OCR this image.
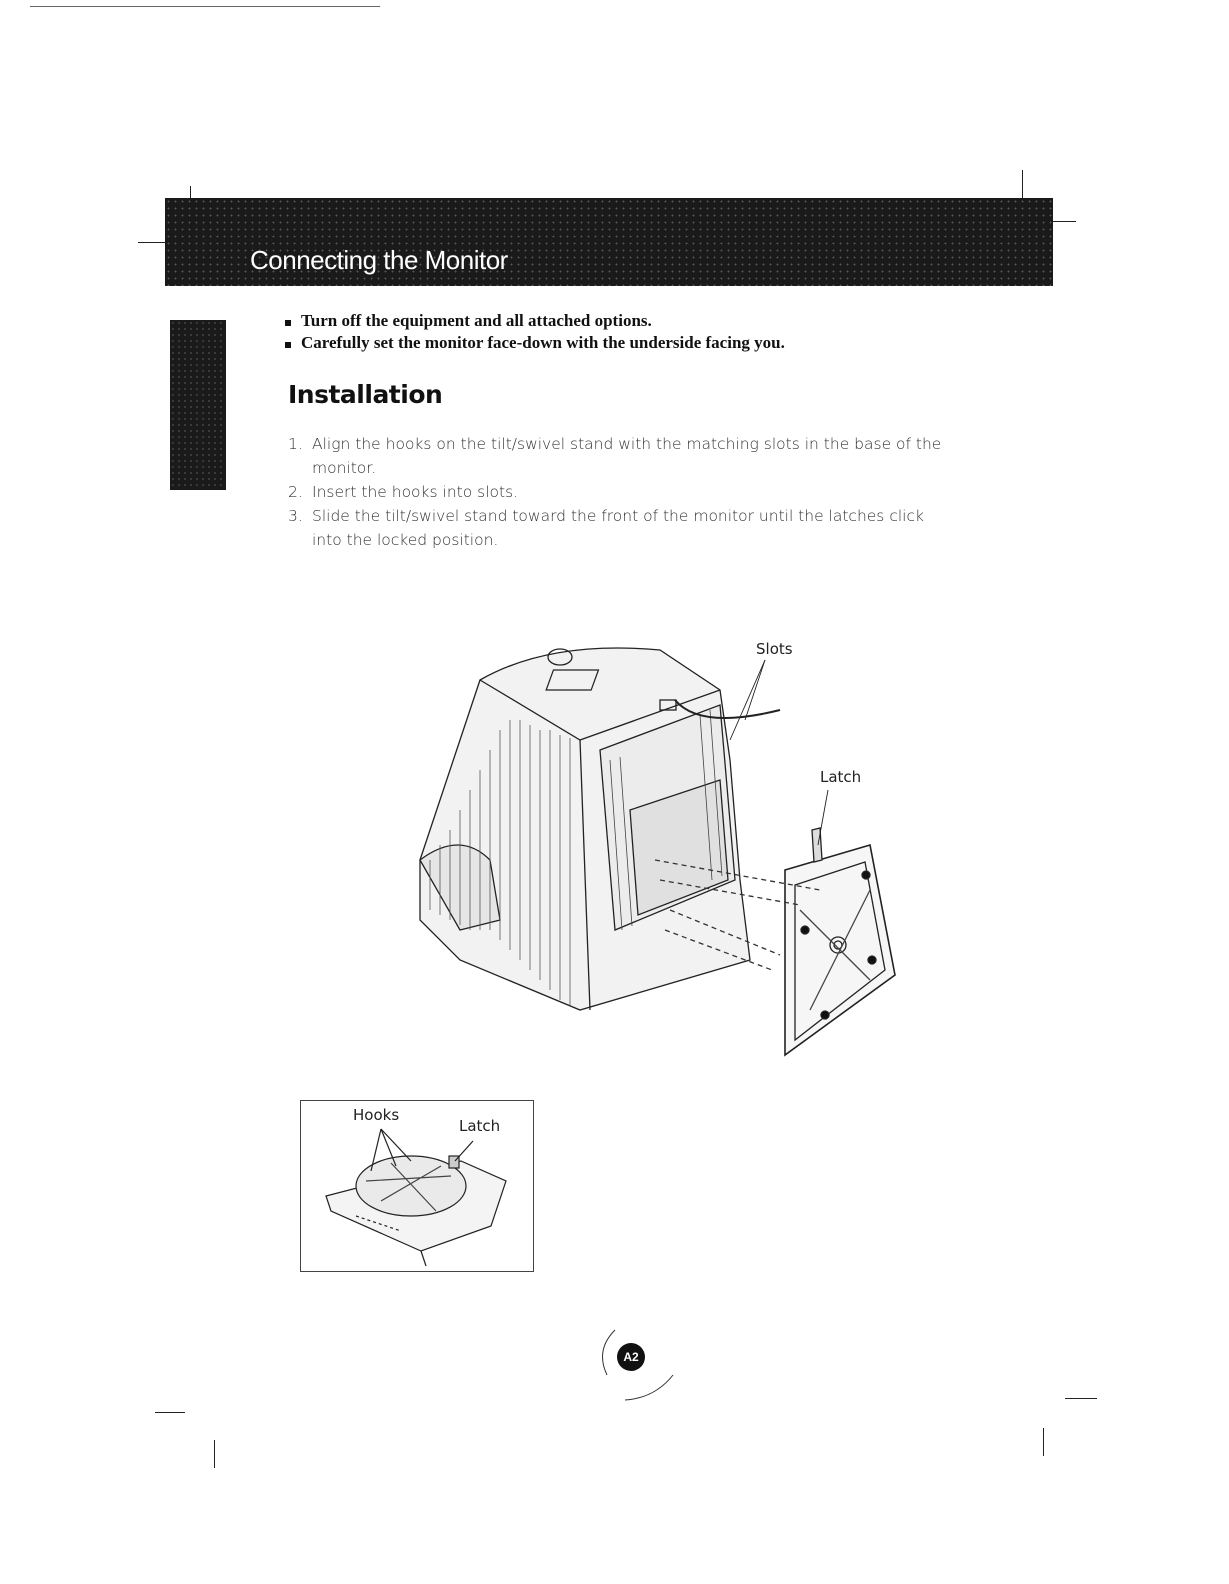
Connecting the Monitor
Turn off the equipment and all attached options.
Carefully set the monitor face-down with the underside facing you.
Installation
1. Align the hooks on the tilt/swivel stand with the matching slots in the base of the monitor.
2. Insert the hooks into slots.
3. Slide the tilt/swivel stand toward the front of the monitor until the latches click into the locked position.
Slots
Latch
Hooks
Latch
A2
